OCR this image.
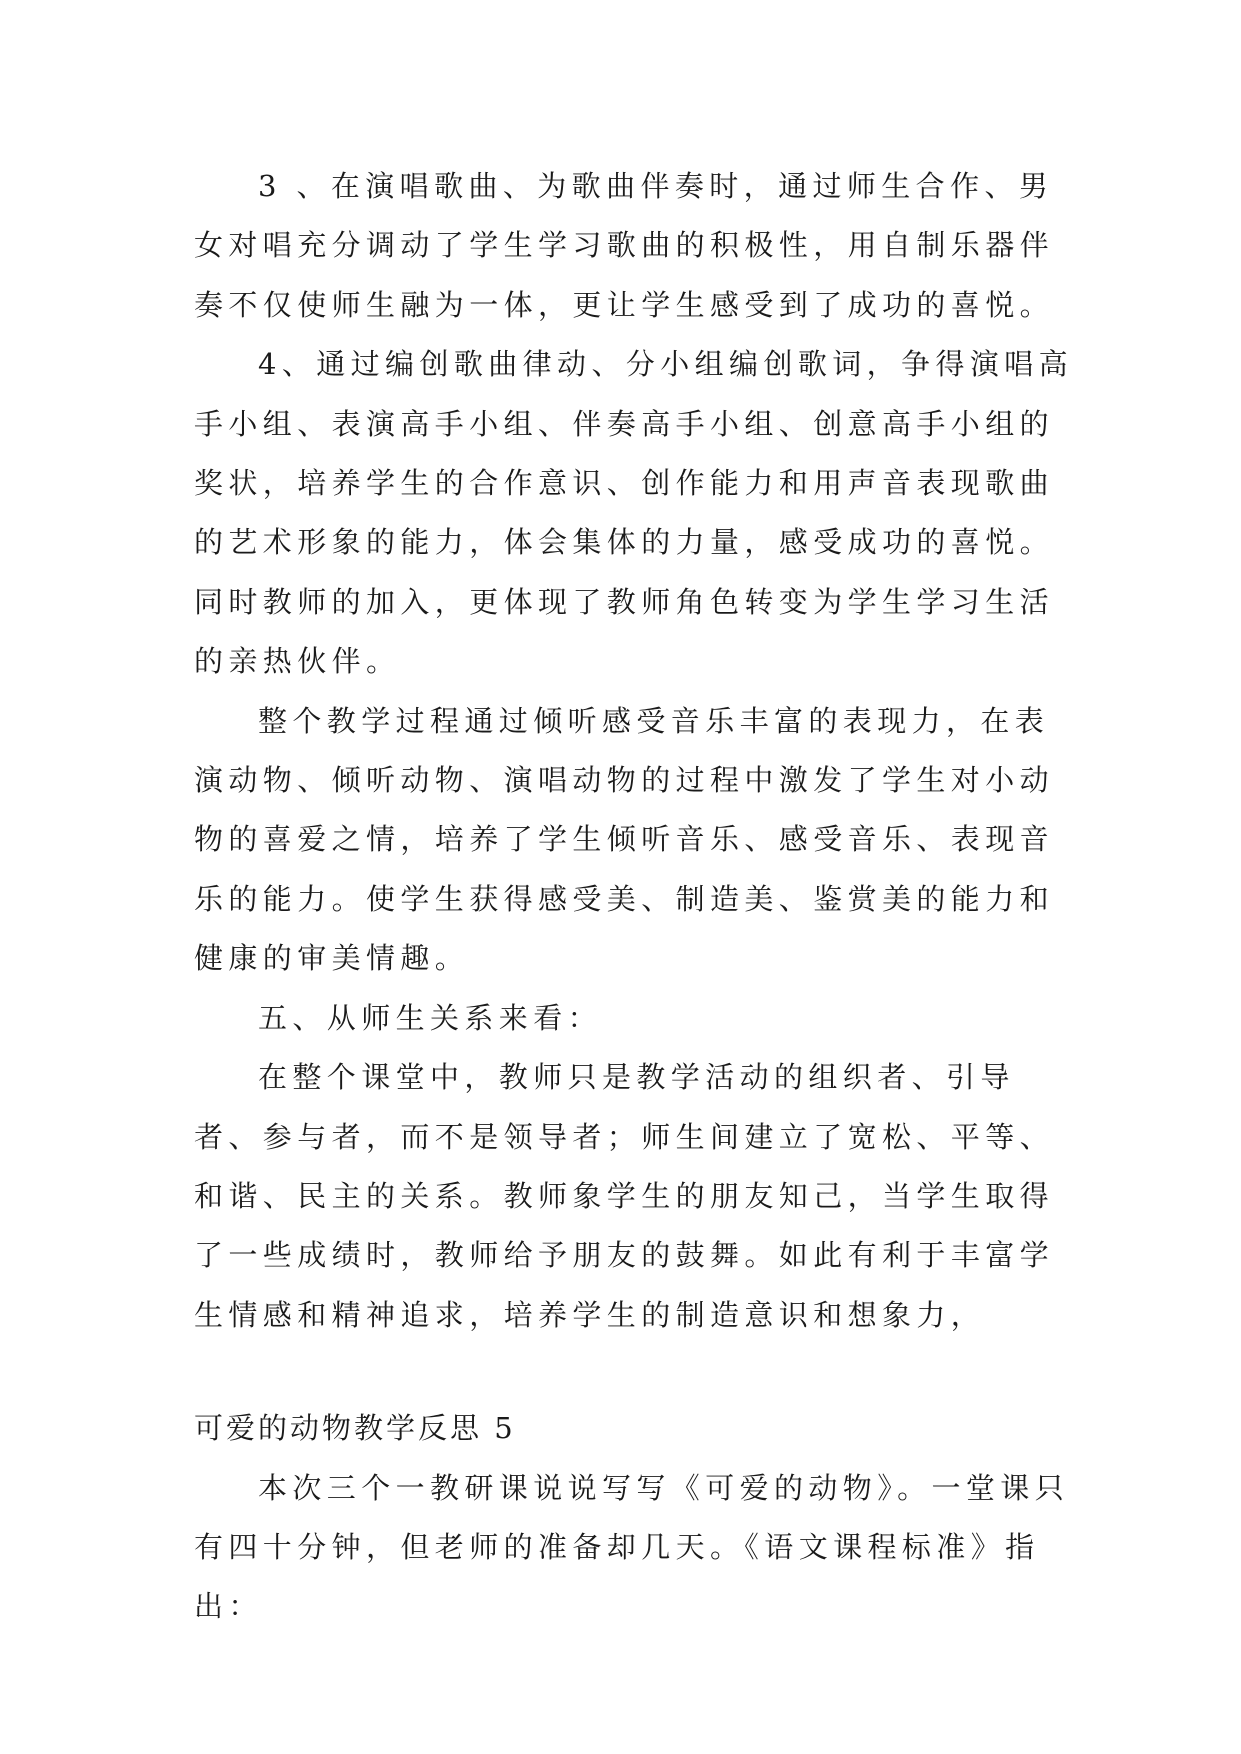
3 、在演唱歌曲、为歌曲伴奏时，通过师生合作、男女对唱充分调动了学生学习歌曲的积极性，用自制乐器伴奏不仅使师生融为一体，更让学生感受到了成功的喜悦。

4、通过编创歌曲律动、分小组编创歌词，争得演唱高手小组、表演高手小组、伴奏高手小组、创意高手小组的奖状，培养学生的合作意识、创作能力和用声音表现歌曲的艺术形象的能力，体会集体的力量，感受成功的喜悦。同时教师的加入，更体现了教师角色转变为学生学习生活的亲热伙伴。

整个教学过程通过倾听感受音乐丰富的表现力，在表演动物、倾听动物、演唱动物的过程中激发了学生对小动物的喜爱之情，培养了学生倾听音乐、感受音乐、表现音乐的能力。使学生获得感受美、制造美、鉴赏美的能力和健康的审美情趣。

五、从师生关系来看：

在整个课堂中，教师只是教学活动的组织者、引导者、参与者，而不是领导者；师生间建立了宽松、平等、和谐、民主的关系。教师象学生的朋友知己，当学生取得了一些成绩时，教师给予朋友的鼓舞。如此有利于丰富学生情感和精神追求，培养学生的制造意识和想象力，

可爱的动物教学反思 5

本次三个一教研课说说写写《可爱的动物》。一堂课只有四十分钟，但老师的准备却几天。《语文课程标准》指出：
